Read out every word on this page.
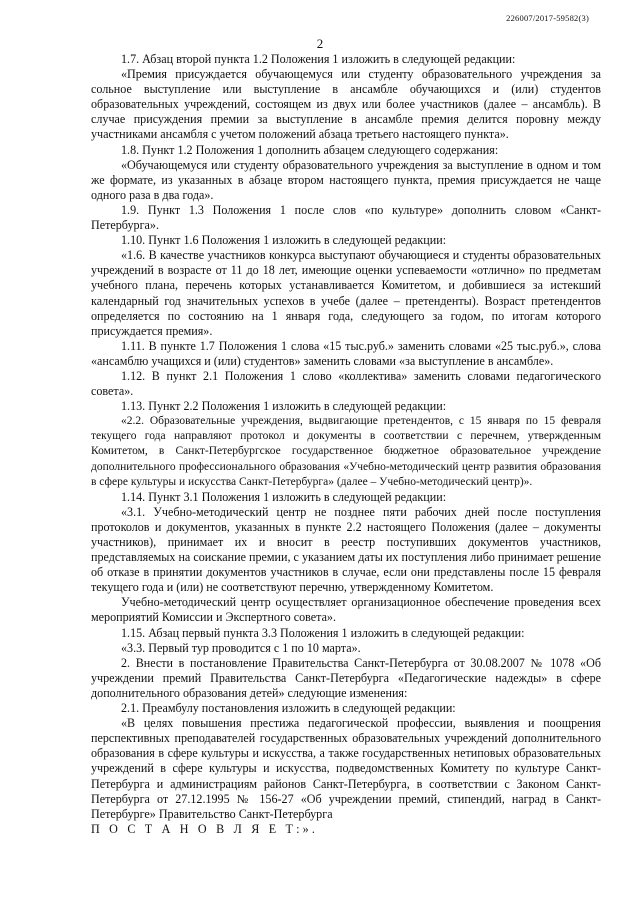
226007/2017-59582(3)
2

1.7. Абзац второй пункта 1.2 Положения 1 изложить в следующей редакции:

«Премия присуждается обучающемуся или студенту образовательного учреждения за сольное выступление или выступление в ансамбле обучающихся и (или) студентов образовательных учреждений, состоящем из двух или более участников (далее – ансамбль). В случае присуждения премии за выступление в ансамбле премия делится поровну между участниками ансамбля с учетом положений абзаца третьего настоящего пункта».

1.8. Пункт 1.2 Положения 1 дополнить абзацем следующего содержания:

«Обучающемуся или студенту образовательного учреждения за выступление в одном и том же формате, из указанных в абзаце втором настоящего пункта, премия присуждается не чаще одного раза в два года».

1.9. Пункт 1.3 Положения 1 после слов «по культуре» дополнить словом «Санкт-Петербурга».

1.10. Пункт 1.6 Положения 1 изложить в следующей редакции:

«1.6. В качестве участников конкурса выступают обучающиеся и студенты образовательных учреждений в возрасте от 11 до 18 лет, имеющие оценки успеваемости «отлично» по предметам учебного плана, перечень которых устанавливается Комитетом, и добившиеся за истекший календарный год значительных успехов в учебе (далее – претенденты). Возраст претендентов определяется по состоянию на 1 января года, следующего за годом, по итогам которого присуждается премия».

1.11. В пункте 1.7 Положения 1 слова «15 тыс.руб.» заменить словами «25 тыс.руб.», слова «ансамблю учащихся и (или) студентов» заменить словами «за выступление в ансамбле».

1.12. В пункт 2.1 Положения 1 слово «коллектива» заменить словами педагогического совета».

1.13. Пункт 2.2 Положения 1 изложить в следующей редакции:

«2.2. Образовательные учреждения, выдвигающие претендентов, с 15 января по 15 февраля текущего года направляют протокол и документы в соответствии с перечнем, утвержденным Комитетом, в Санкт-Петербургское государственное бюджетное образовательное учреждение дополнительного профессионального образования «Учебно-методический центр развития образования в сфере культуры и искусства Санкт-Петербурга» (далее – Учебно-методический центр)».

1.14. Пункт 3.1 Положения 1 изложить в следующей редакции:

«3.1. Учебно-методический центр не позднее пяти рабочих дней после поступления протоколов и документов, указанных в пункте 2.2 настоящего Положения (далее – документы участников), принимает их и вносит в реестр поступивших документов участников, представляемых на соискание премии, с указанием даты их поступления либо принимает решение об отказе в принятии документов участников в случае, если они представлены после 15 февраля текущего года и (или) не соответствуют перечню, утвержденному Комитетом.

Учебно-методический центр осуществляет организационное обеспечение проведения всех мероприятий Комиссии и Экспертного совета».

1.15. Абзац первый пункта 3.3 Положения 1 изложить в следующей редакции:

«3.3. Первый тур проводится с 1 по 10 марта».

2. Внести в постановление Правительства Санкт-Петербурга от 30.08.2007 № 1078 «Об учреждении премий Правительства Санкт-Петербурга «Педагогические надежды» в сфере дополнительного образования детей» следующие изменения:

2.1. Преамбулу постановления изложить в следующей редакции:

«В целях повышения престижа педагогической профессии, выявления и поощрения перспективных преподавателей государственных образовательных учреждений дополнительного образования в сфере культуры и искусства, а также государственных нетиповых образовательных учреждений в сфере культуры и искусства, подведомственных Комитету по культуре Санкт-Петербурга и администрациям районов Санкт-Петербурга, в соответствии с Законом Санкт-Петербурга от 27.12.1995 № 156-27 «Об учреждении премий, стипендий, наград в Санкт-Петербурге» Правительство Санкт-Петербурга

П О С Т А Н О В Л Я Е Т:».
